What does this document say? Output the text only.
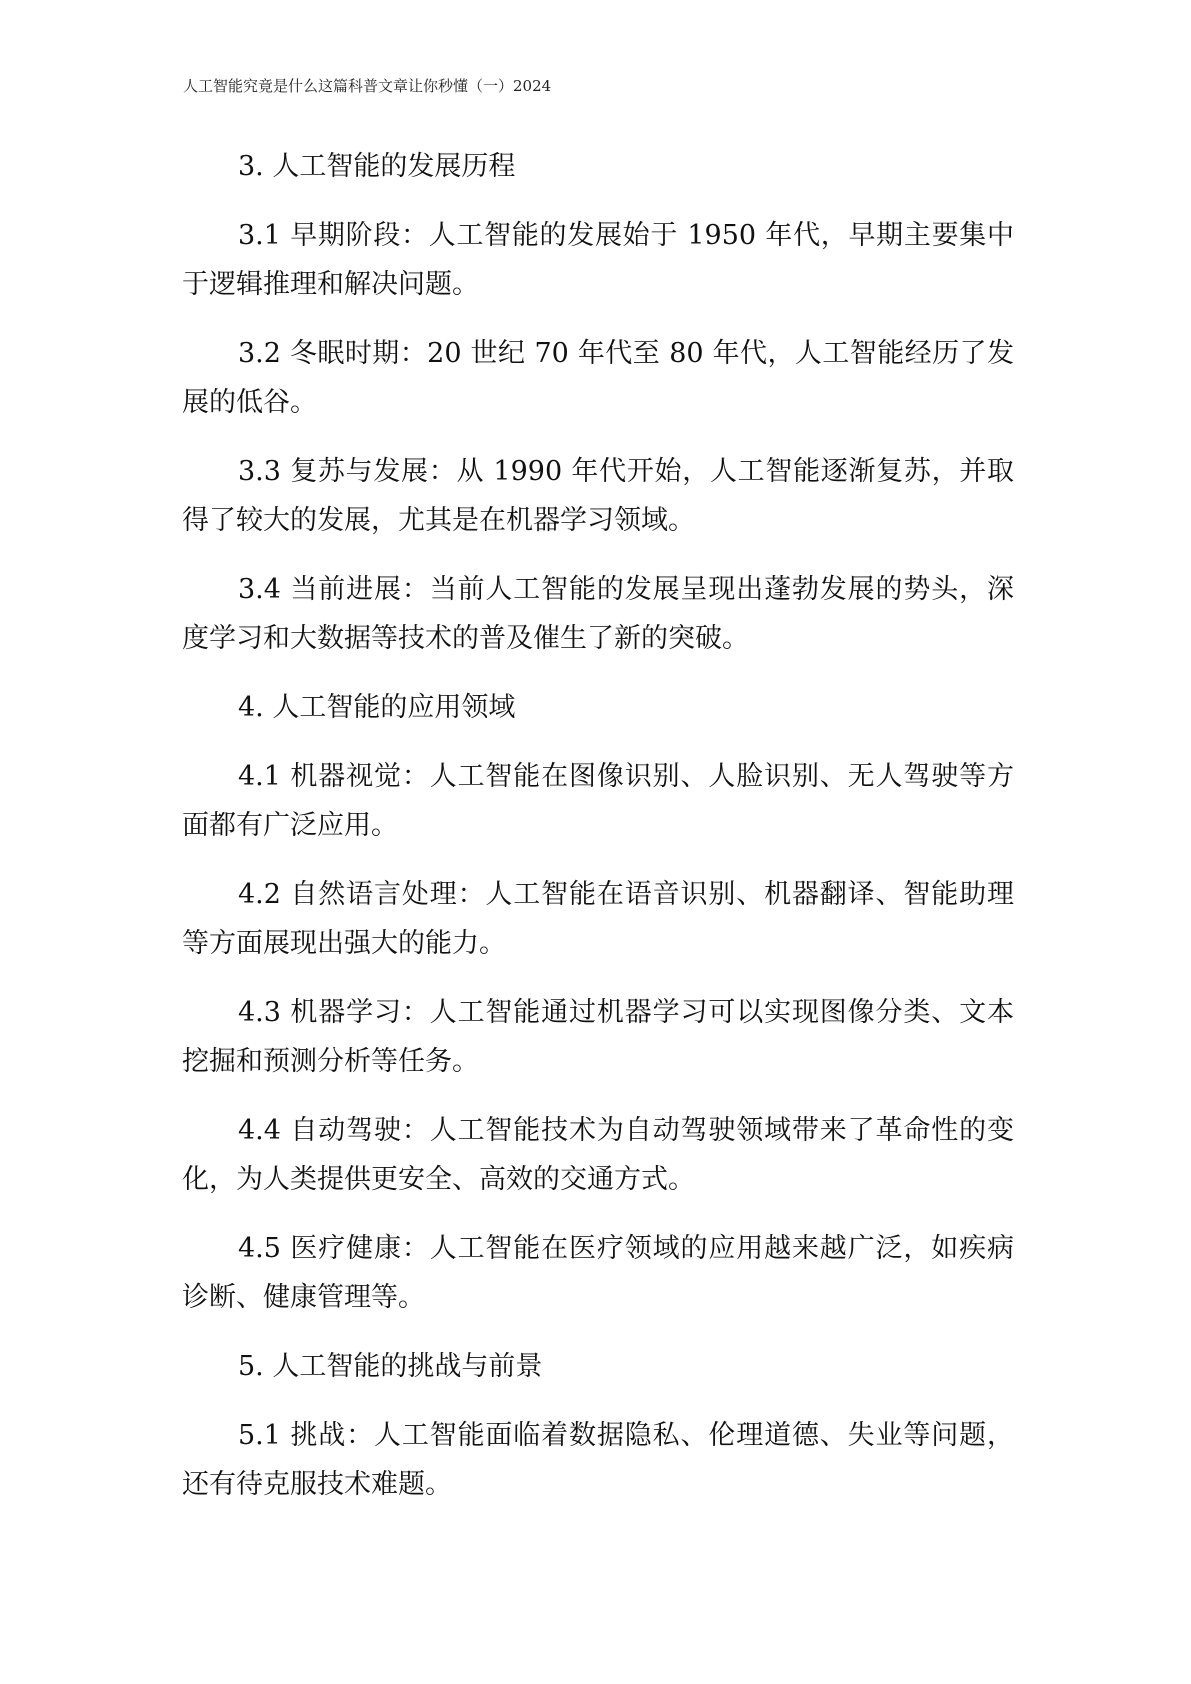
人工智能究竟是什么这篇科普文章让你秒懂（一）2024

3. 人工智能的发展历程

3.1 早期阶段：人工智能的发展始于 1950 年代，早期主要集中于逻辑推理和解决问题。

3.2 冬眠时期：20 世纪 70 年代至 80 年代，人工智能经历了发展的低谷。

3.3 复苏与发展：从 1990 年代开始，人工智能逐渐复苏，并取得了较大的发展，尤其是在机器学习领域。

3.4 当前进展：当前人工智能的发展呈现出蓬勃发展的势头，深度学习和大数据等技术的普及催生了新的突破。

4. 人工智能的应用领域

4.1 机器视觉：人工智能在图像识别、人脸识别、无人驾驶等方面都有广泛应用。

4.2 自然语言处理：人工智能在语音识别、机器翻译、智能助理等方面展现出强大的能力。

4.3 机器学习：人工智能通过机器学习可以实现图像分类、文本挖掘和预测分析等任务。

4.4 自动驾驶：人工智能技术为自动驾驶领域带来了革命性的变化，为人类提供更安全、高效的交通方式。

4.5 医疗健康：人工智能在医疗领域的应用越来越广泛，如疾病诊断、健康管理等。

5. 人工智能的挑战与前景

5.1 挑战：人工智能面临着数据隐私、伦理道德、失业等问题，还有待克服技术难题。
